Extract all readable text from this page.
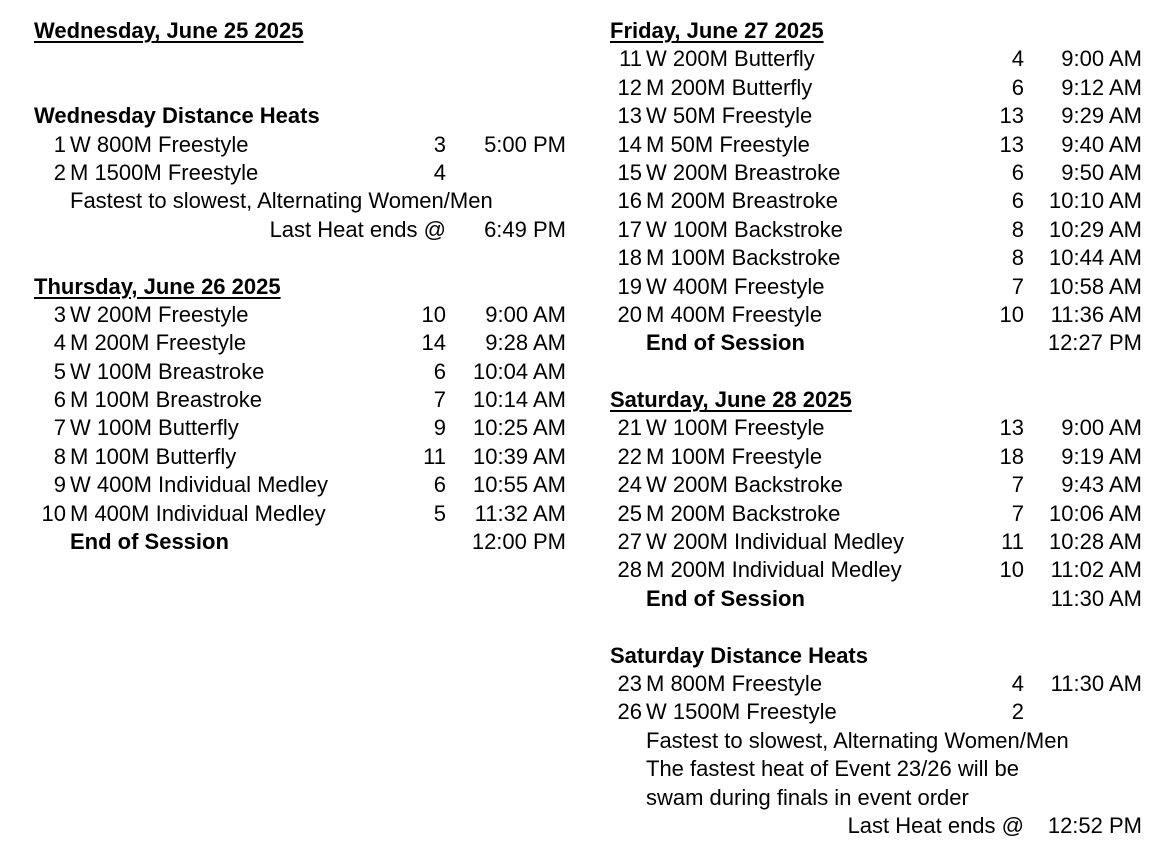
Wednesday, June 25 2025
Wednesday Distance Heats
1 W 800M Freestyle	3 5:00 PM
2 M 1500M Freestyle	4
Fastest to slowest, Alternating Women/Men
Last Heat ends @ 6:49 PM
Thursday, June 26 2025
3 W 200M Freestyle	10 9:00 AM
4 M 200M Freestyle	14 9:28 AM
5 W 100M Breastroke	6 10:04 AM
6 M 100M Breastroke	7 10:14 AM
7 W 100M Butterfly	9 10:25 AM
8 M 100M Butterfly	11 10:39 AM
9 W 400M Individual Medley	6 10:55 AM
10 M 400M Individual Medley	5 11:32 AM
End of Session	12:00 PM
Friday, June 27 2025
11 W 200M Butterfly	4 9:00 AM
12 M 200M Butterfly	6 9:12 AM
13 W 50M Freestyle	13 9:29 AM
14 M 50M Freestyle	13 9:40 AM
15 W 200M Breastroke	6 9:50 AM
16 M 200M Breastroke	6 10:10 AM
17 W 100M Backstroke	8 10:29 AM
18 M 100M Backstroke	8 10:44 AM
19 W 400M Freestyle	7 10:58 AM
20 M 400M Freestyle	10 11:36 AM
End of Session	12:27 PM
Saturday, June 28 2025
21 W 100M Freestyle	13 9:00 AM
22 M 100M Freestyle	18 9:19 AM
24 W 200M Backstroke	7 9:43 AM
25 M 200M Backstroke	7 10:06 AM
27 W 200M Individual Medley	11 10:28 AM
28 M 200M Individual Medley	10 11:02 AM
End of Session	11:30 AM
Saturday Distance Heats
23 M 800M Freestyle	4 11:30 AM
26 W 1500M Freestyle	2
Fastest to slowest, Alternating Women/Men
The fastest heat of Event 23/26 will be
swam during finals in event order
Last Heat ends @ 12:52 PM
